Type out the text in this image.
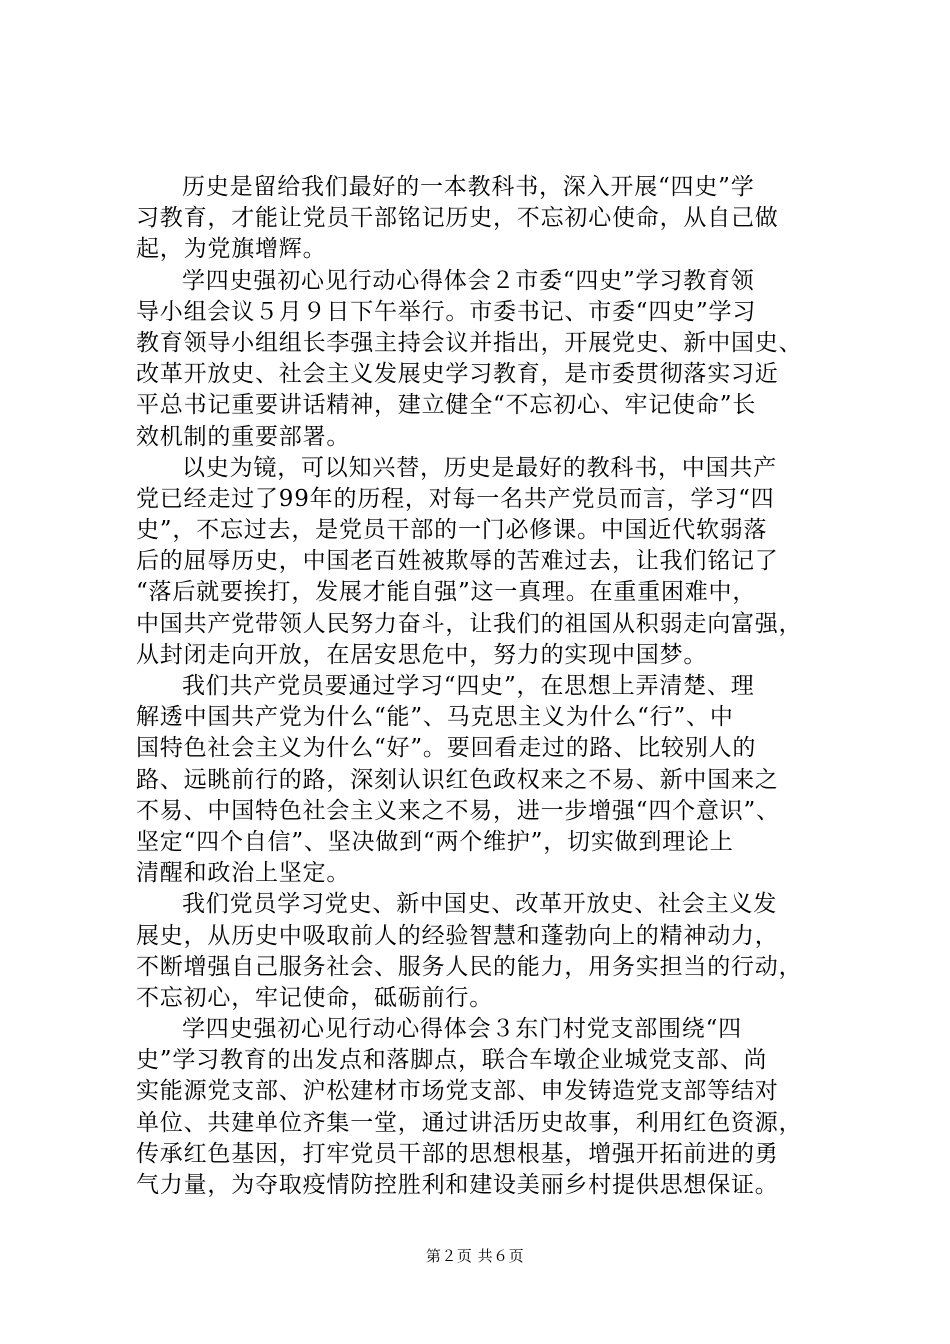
历史是留给我们最好的一本教科书，深入开展“四史”学
习教育，才能让党员干部铭记历史，不忘初心使命，从自己做
起，为党旗增辉。
学四史强初心见行动心得体会２市委“四史”学习教育领
导小组会议５月９日下午举行。市委书记、市委“四史”学习
教育领导小组组长李强主持会议并指出，开展党史、新中国史、
改革开放史、社会主义发展史学习教育，是市委贯彻落实习近
平总书记重要讲话精神，建立健全“不忘初心、牢记使命”长
效机制的重要部署。
以史为镜，可以知兴替，历史是最好的教科书，中国共产
党已经走过了99年的历程，对每一名共产党员而言，学习“四
史”，不忘过去，是党员干部的一门必修课。中国近代软弱落
后的屈辱历史，中国老百姓被欺辱的苦难过去，让我们铭记了
“落后就要挨打，发展才能自强”这一真理。在重重困难中，
中国共产党带领人民努力奋斗，让我们的祖国从积弱走向富强，
从封闭走向开放，在居安思危中，努力的实现中国梦。
我们共产党员要通过学习“四史”，在思想上弄清楚、理
解透中国共产党为什么“能”、马克思主义为什么“行”、中
国特色社会主义为什么“好”。要回看走过的路、比较别人的
路、远眺前行的路，深刻认识红色政权来之不易、新中国来之
不易、中国特色社会主义来之不易，进一步增强“四个意识”、
坚定“四个自信”、坚决做到“两个维护”，切实做到理论上
清醒和政治上坚定。
我们党员学习党史、新中国史、改革开放史、社会主义发
展史，从历史中吸取前人的经验智慧和蓬勃向上的精神动力，
不断增强自己服务社会、服务人民的能力，用务实担当的行动，
不忘初心，牢记使命，砥砺前行。
学四史强初心见行动心得体会３东门村党支部围绕“四
史”学习教育的出发点和落脚点，联合车墩企业城党支部、尚
实能源党支部、沪松建材市场党支部、申发铸造党支部等结对
单位、共建单位齐集一堂，通过讲活历史故事，利用红色资源，
传承红色基因，打牢党员干部的思想根基，增强开拓前进的勇
气力量，为夺取疫情防控胜利和建设美丽乡村提供思想保证。
第２页 共６页
